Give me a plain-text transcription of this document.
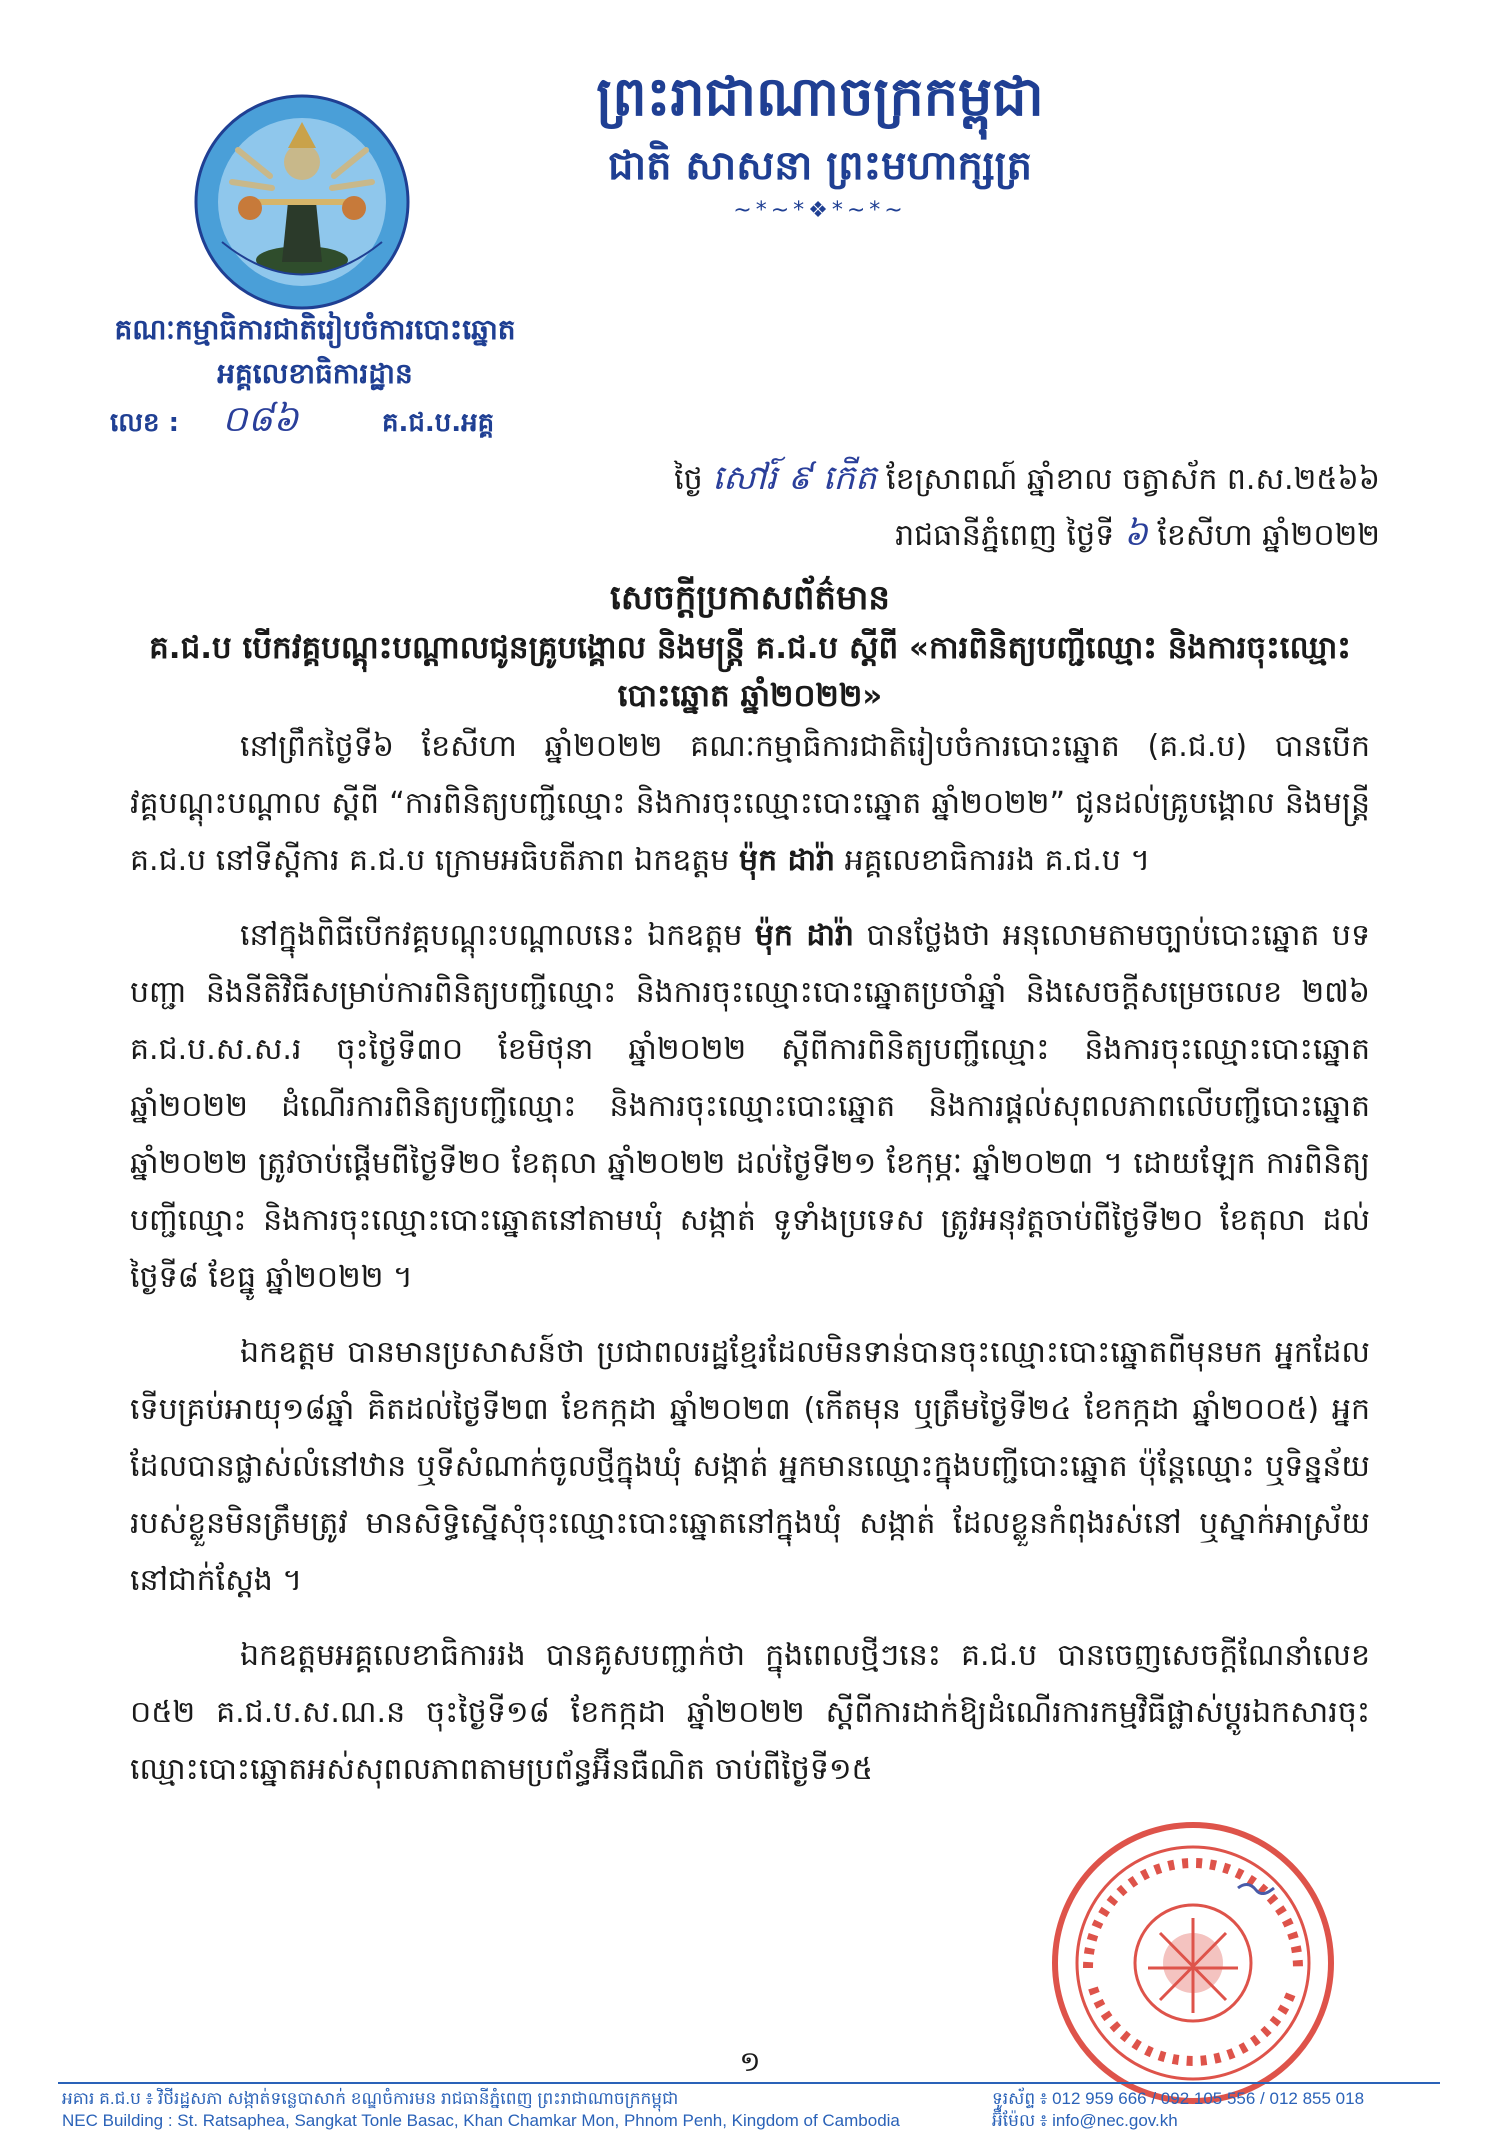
ព្រះរាជាណាចក្រកម្ពុជា
ជាតិ សាសនា ព្រះមហាក្សត្រ
~*~*❖*~*~
គណៈកម្មាធិការជាតិរៀបចំការបោះឆ្នោត
អគ្គលេខាធិការដ្ឋាន
លេខ : ០៨៦	គ.ជ.ប.អគ្គ
ថ្ងៃ សៅរ៍ ៩ កើត ខែស្រាពណ៍ ឆ្នាំខាល ចត្វាស័ក ព.ស.២៥៦៦
រាជធានីភ្នំពេញ ថ្ងៃទី ៦ ខែសីហា ឆ្នាំ២០២២
សេចក្តីប្រកាសព័ត៌មាន
គ.ជ.ប បើកវគ្គបណ្តុះបណ្តាលជូនគ្រូបង្គោល និងមន្ត្រី គ.ជ.ប ស្តីពី «ការពិនិត្យបញ្ជីឈ្មោះ និងការចុះឈ្មោះបោះឆ្នោត ឆ្នាំ២០២២»

នៅព្រឹកថ្ងៃទី៦ ខែសីហា ឆ្នាំ២០២២ គណៈកម្មាធិការជាតិរៀបចំការបោះឆ្នោត (គ.ជ.ប) បានបើកវគ្គបណ្តុះបណ្តាល ស្តីពី “ការពិនិត្យបញ្ជីឈ្មោះ និងការចុះឈ្មោះបោះឆ្នោត ឆ្នាំ២០២២” ជូនដល់គ្រូបង្គោល និងមន្ត្រី គ.ជ.ប នៅទីស្តីការ គ.ជ.ប ក្រោមអធិបតីភាព ឯកឧត្តម ម៉ុក ដារ៉ា អគ្គលេខាធិការរង គ.ជ.ប ។

នៅក្នុងពិធីបើកវគ្គបណ្តុះបណ្តាលនេះ ឯកឧត្តម ម៉ុក ដារ៉ា បានថ្លែងថា អនុលោមតាមច្បាប់បោះឆ្នោត បទបញ្ជា និងនីតិវិធីសម្រាប់ការពិនិត្យបញ្ជីឈ្មោះ និងការចុះឈ្មោះបោះឆ្នោតប្រចាំឆ្នាំ និងសេចក្តីសម្រេចលេខ ២៧៦ គ.ជ.ប.ស.ស.រ ចុះថ្ងៃទី៣០ ខែមិថុនា ឆ្នាំ២០២២ ស្តីពីការពិនិត្យបញ្ជីឈ្មោះ និងការចុះឈ្មោះបោះឆ្នោត ឆ្នាំ២០២២ ដំណើរការពិនិត្យបញ្ជីឈ្មោះ និងការចុះឈ្មោះបោះឆ្នោត និងការផ្តល់សុពលភាពលើបញ្ជីបោះឆ្នោត ឆ្នាំ២០២២ ត្រូវចាប់ផ្តើមពីថ្ងៃទី២០ ខែតុលា ឆ្នាំ២០២២ ដល់ថ្ងៃទី២១ ខែកុម្ភៈ ឆ្នាំ២០២៣ ។ ដោយឡែក ការពិនិត្យបញ្ជីឈ្មោះ និងការចុះឈ្មោះបោះឆ្នោតនៅតាមឃុំ សង្កាត់ ទូទាំងប្រទេស ត្រូវអនុវត្តចាប់ពីថ្ងៃទី២០ ខែតុលា ដល់ថ្ងៃទី៨ ខែធ្នូ ឆ្នាំ២០២២ ។

ឯកឧត្តម បានមានប្រសាសន៍ថា ប្រជាពលរដ្ឋខ្មែរដែលមិនទាន់បានចុះឈ្មោះបោះឆ្នោតពីមុនមក អ្នកដែលទើបគ្រប់អាយុ១៨ឆ្នាំ គិតដល់ថ្ងៃទី២៣ ខែកក្កដា ឆ្នាំ២០២៣ (កើតមុន ឬត្រឹមថ្ងៃទី២៤ ខែកក្កដា ឆ្នាំ២០០៥) អ្នកដែលបានផ្លាស់លំនៅឋាន ឬទីសំណាក់ចូលថ្មីក្នុងឃុំ សង្កាត់ អ្នកមានឈ្មោះក្នុងបញ្ជីបោះឆ្នោត ប៉ុន្តែឈ្មោះ ឬទិន្នន័យរបស់ខ្លួនមិនត្រឹមត្រូវ មានសិទ្ធិស្នើសុំចុះឈ្មោះបោះឆ្នោតនៅក្នុងឃុំ សង្កាត់ ដែលខ្លួនកំពុងរស់នៅ ឬស្នាក់អាស្រ័យនៅជាក់ស្តែង ។

ឯកឧត្តមអគ្គលេខាធិការរង បានគូសបញ្ជាក់ថា ក្នុងពេលថ្មីៗនេះ គ.ជ.ប បានចេញសេចក្តីណែនាំលេខ ០៥២ គ.ជ.ប.ស.ណ.ន ចុះថ្ងៃទី១៨ ខែកក្កដា ឆ្នាំ២០២២ ស្តីពីការដាក់ឱ្យដំណើរការកម្មវិធីផ្លាស់ប្តូរឯកសារចុះឈ្មោះបោះឆ្នោតអស់សុពលភាពតាមប្រព័ន្ធអ៊ីនធឺណិត ចាប់ពីថ្ងៃទី១៥

១
អគារ គ.ជ.ប ៖ វិថីរដ្ឋសភា សង្កាត់ទន្លេបាសាក់ ខណ្ឌចំការមន រាជធានីភ្នំពេញ ព្រះរាជាណាចក្រកម្ពុជា	ទូរស័ព្ទ ៖ 012 959 666 / 092 105 556 / 012 855 018
NEC Building : St. Ratsaphea, Sangkat Tonle Basac, Khan Chamkar Mon, Phnom Penh, Kingdom of Cambodia	អ៊ីម៉ែល ៖ info@nec.gov.kh
